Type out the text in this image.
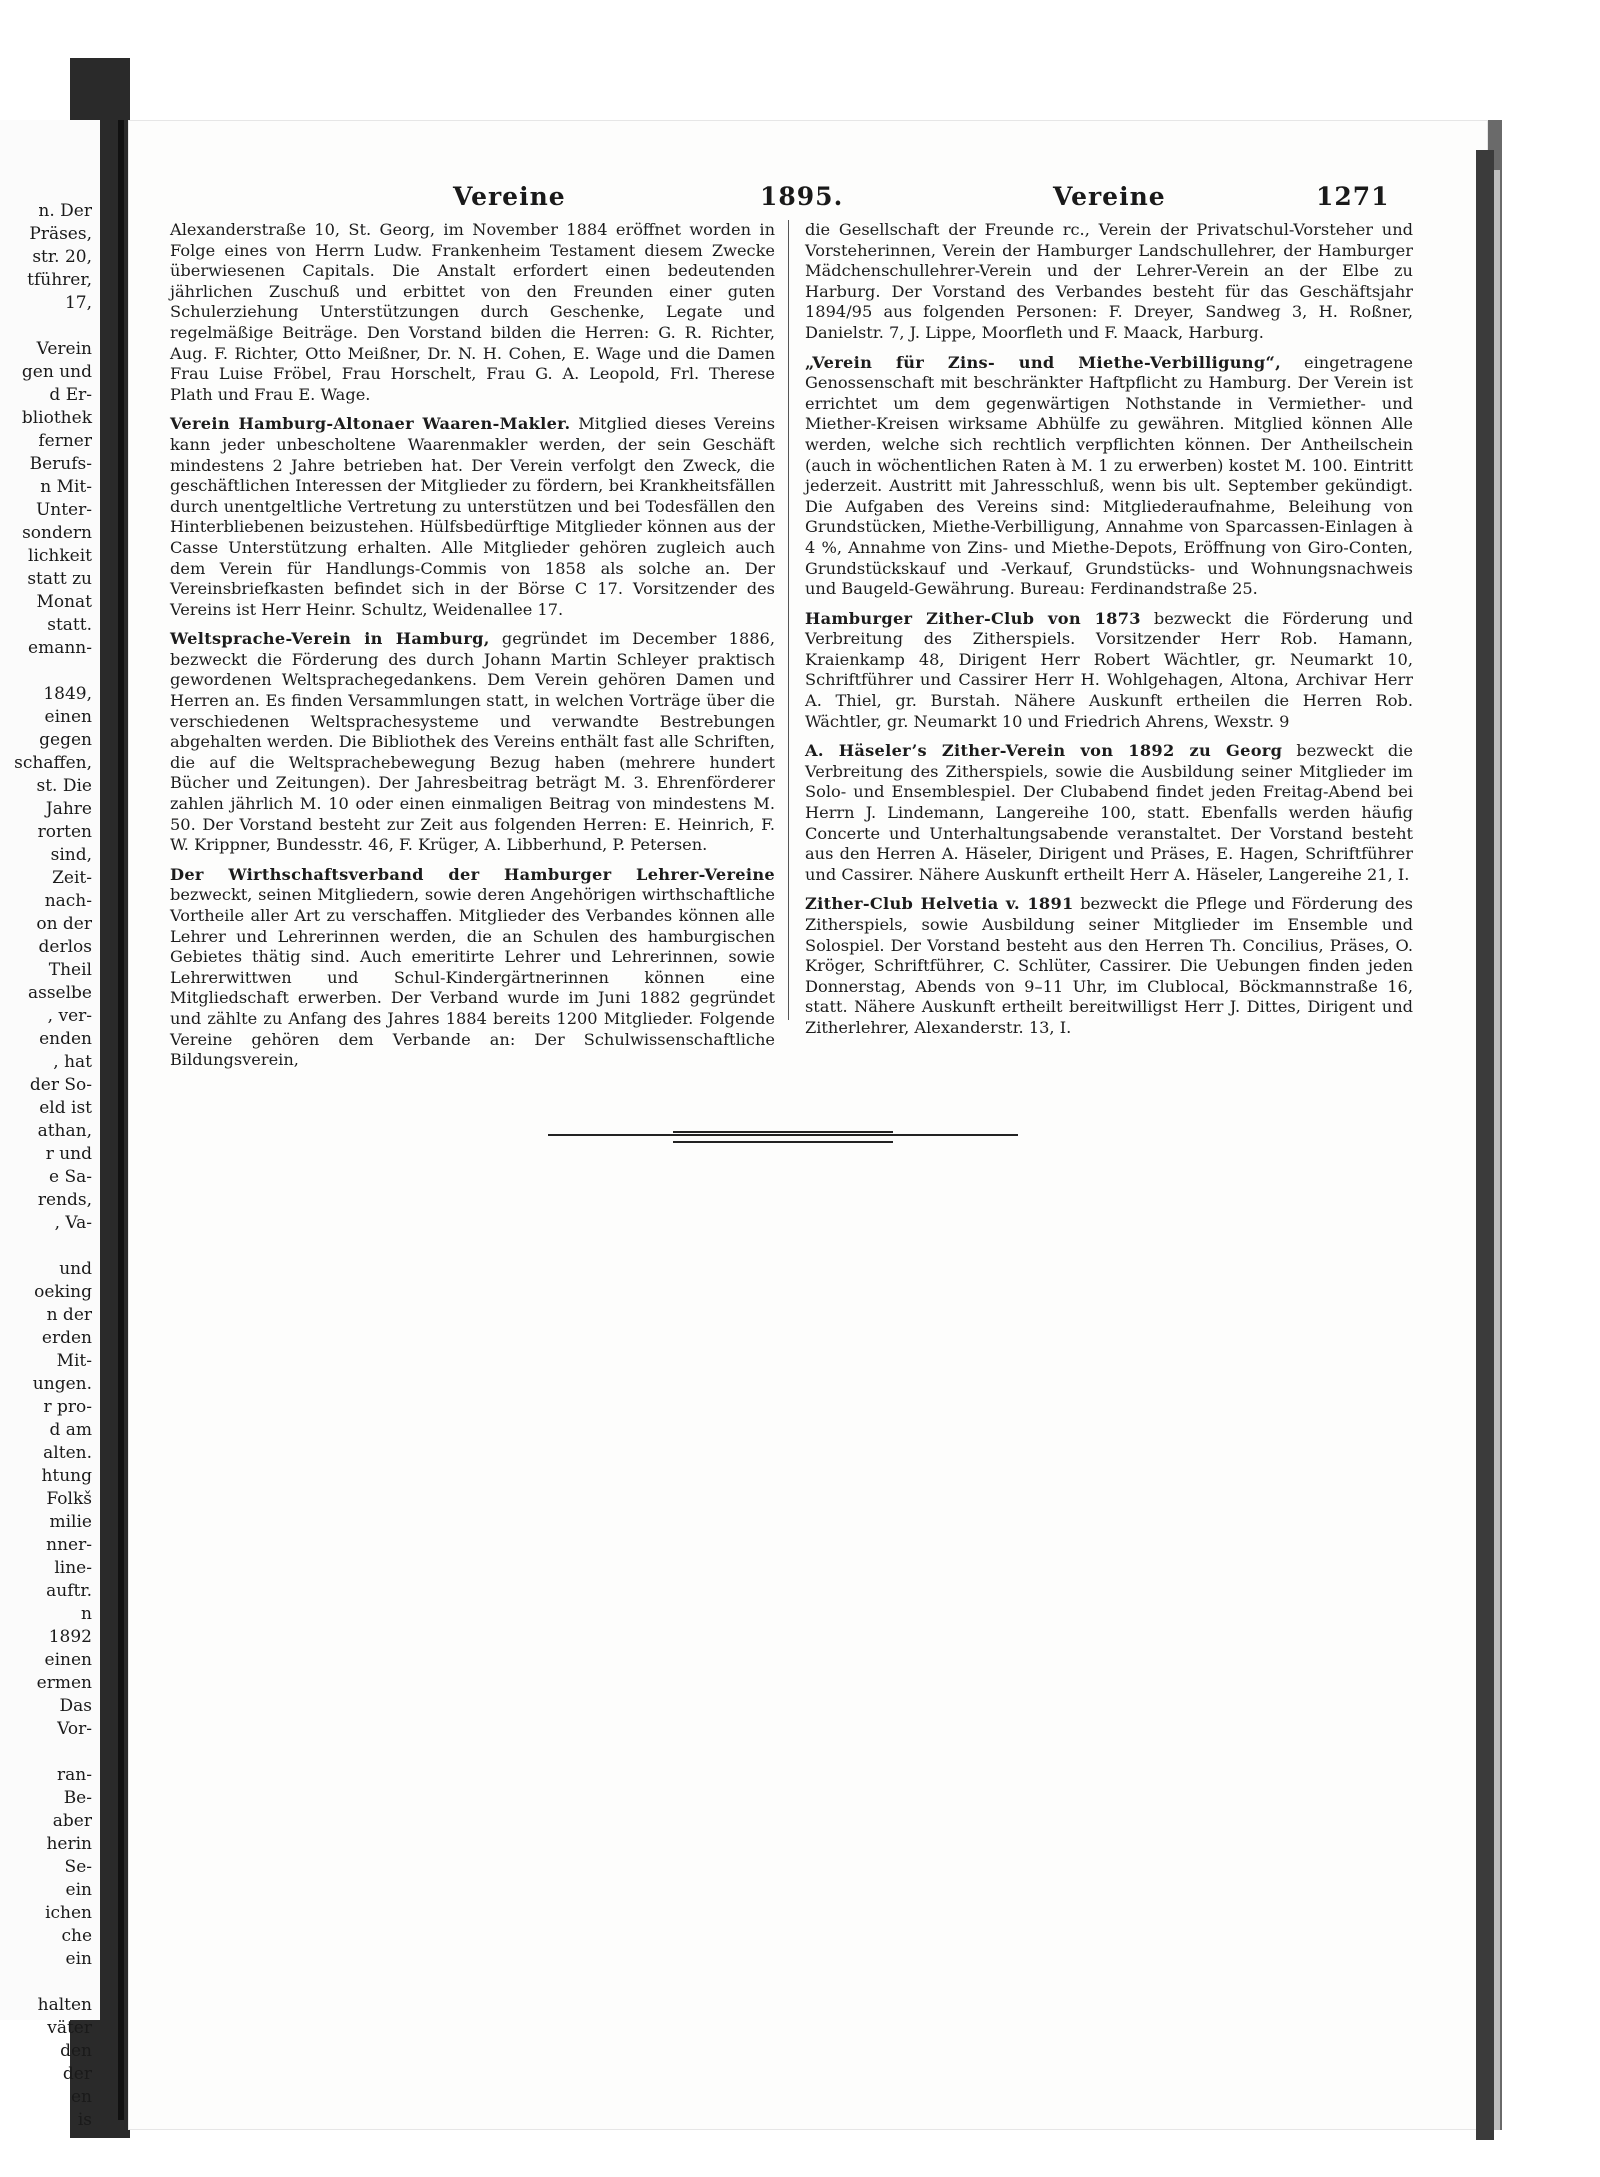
n. Der
Präses,
str. 20,
tführer,
17,

Verein
gen und
d Er-
bliothek
ferner
Berufs-
n Mit-
Unter-
sondern
lichkeit
statt zu
Monat
statt.
emann-

1849,
einen
gegen
schaffen,
st. Die
Jahre
rorten
sind,
Zeit-
nach-
on der
derlos
Theil
asselbe
, ver-
enden
, hat
der So-
eld ist
athan,
r und
e Sa-
rends,
, Va-

und
oeking
n der
erden
Mit-
ungen.
r pro-
d am
alten.
htung
Folkš
milie
nner-
line-
auftr.
n
1892
einen
ermen
Das
Vor-

ran-
Be-
aber
herin
Se-
ein
ichen
che
ein

halten
väter
den
der
en
is
Vereine	1895.	Vereine	1271

Alexanderstraße 10, St. Georg, im November 1884 eröffnet worden in Folge eines von Herrn Ludw. Frankenheim Testament diesem Zwecke überwiesenen Capitals. Die Anstalt erfordert einen bedeutenden jährlichen Zuschuß und erbittet von den Freunden einer guten Schulerziehung Unterstützungen durch Geschenke, Legate und regelmäßige Beiträge. Den Vorstand bilden die Herren: G. R. Richter, Aug. F. Richter, Otto Meißner, Dr. N. H. Cohen, E. Wage und die Damen Frau Luise Fröbel, Frau Horschelt, Frau G. A. Leopold, Frl. Therese Plath und Frau E. Wage.

Verein Hamburg-Altonaer Waaren-Makler. Mitglied dieses Vereins kann jeder unbescholtene Waarenmakler werden, der sein Geschäft mindestens 2 Jahre betrieben hat. Der Verein verfolgt den Zweck, die geschäftlichen Interessen der Mitglieder zu fördern, bei Krankheitsfällen durch unentgeltliche Vertretung zu unterstützen und bei Todesfällen den Hinterbliebenen beizustehen. Hülfsbedürftige Mitglieder können aus der Casse Unterstützung erhalten. Alle Mitglieder gehören zugleich auch dem Verein für Handlungs-Commis von 1858 als solche an. Der Vereinsbriefkasten befindet sich in der Börse C 17. Vorsitzender des Vereins ist Herr Heinr. Schultz, Weidenallee 17.

Weltsprache-Verein in Hamburg, gegründet im December 1886, bezweckt die Förderung des durch Johann Martin Schleyer praktisch gewordenen Weltsprachegedankens. Dem Verein gehören Damen und Herren an. Es finden Versammlungen statt, in welchen Vorträge über die verschiedenen Weltsprachesysteme und verwandte Bestrebungen abgehalten werden. Die Bibliothek des Vereins enthält fast alle Schriften, die auf die Weltsprachebewegung Bezug haben (mehrere hundert Bücher und Zeitungen). Der Jahresbeitrag beträgt M. 3. Ehrenförderer zahlen jährlich M. 10 oder einen einmaligen Beitrag von mindestens M. 50. Der Vorstand besteht zur Zeit aus folgenden Herren: E. Heinrich, F. W. Krippner, Bundesstr. 46, F. Krüger, A. Libberhund, P. Petersen.

Der Wirthschaftsverband der Hamburger Lehrer-Vereine bezweckt, seinen Mitgliedern, sowie deren Angehörigen wirthschaftliche Vortheile aller Art zu verschaffen. Mitglieder des Verbandes können alle Lehrer und Lehrerinnen werden, die an Schulen des hamburgischen Gebietes thätig sind. Auch emeritirte Lehrer und Lehrerinnen, sowie Lehrerwittwen und Schul-Kindergärtnerinnen können eine Mitgliedschaft erwerben. Der Verband wurde im Juni 1882 gegründet und zählte zu Anfang des Jahres 1884 bereits 1200 Mitglieder. Folgende Vereine gehören dem Verbande an: Der Schulwissenschaftliche Bildungsverein,

die Gesellschaft der Freunde rc., Verein der Privatschul-Vorsteher und Vorsteherinnen, Verein der Hamburger Landschullehrer, der Hamburger Mädchenschullehrer-Verein und der Lehrer-Verein an der Elbe zu Harburg. Der Vorstand des Verbandes besteht für das Geschäftsjahr 1894/95 aus folgenden Personen: F. Dreyer, Sandweg 3, H. Roßner, Danielstr. 7, J. Lippe, Moorfleth und F. Maack, Harburg.

„Verein für Zins- und Miethe-Verbilligung“, eingetragene Genossenschaft mit beschränkter Haftpflicht zu Hamburg. Der Verein ist errichtet um dem gegenwärtigen Nothstande in Vermiether- und Miether-Kreisen wirksame Abhülfe zu gewähren. Mitglied können Alle werden, welche sich rechtlich verpflichten können. Der Antheilschein (auch in wöchentlichen Raten à M. 1 zu erwerben) kostet M. 100. Eintritt jederzeit. Austritt mit Jahresschluß, wenn bis ult. September gekündigt. Die Aufgaben des Vereins sind: Mitgliederaufnahme, Beleihung von Grundstücken, Miethe-Verbilligung, Annahme von Sparcassen-Einlagen à 4 %, Annahme von Zins- und Miethe-Depots, Eröffnung von Giro-Conten, Grundstückskauf und -Verkauf, Grundstücks- und Wohnungsnachweis und Baugeld-Gewährung. Bureau: Ferdinandstraße 25.

Hamburger Zither-Club von 1873 bezweckt die Förderung und Verbreitung des Zitherspiels. Vorsitzender Herr Rob. Hamann, Kraienkamp 48, Dirigent Herr Robert Wächtler, gr. Neumarkt 10, Schriftführer und Cassirer Herr H. Wohlgehagen, Altona, Archivar Herr A. Thiel, gr. Burstah. Nähere Auskunft ertheilen die Herren Rob. Wächtler, gr. Neumarkt 10 und Friedrich Ahrens, Wexstr. 9

A. Häseler’s Zither-Verein von 1892 zu Georg bezweckt die Verbreitung des Zitherspiels, sowie die Ausbildung seiner Mitglieder im Solo- und Ensemblespiel. Der Clubabend findet jeden Freitag-Abend bei Herrn J. Lindemann, Langereihe 100, statt. Ebenfalls werden häufig Concerte und Unterhaltungsabende veranstaltet. Der Vorstand besteht aus den Herren A. Häseler, Dirigent und Präses, E. Hagen, Schriftführer und Cassirer. Nähere Auskunft ertheilt Herr A. Häseler, Langereihe 21, I.

Zither-Club Helvetia v. 1891 bezweckt die Pflege und Förderung des Zitherspiels, sowie Ausbildung seiner Mitglieder im Ensemble und Solospiel. Der Vorstand besteht aus den Herren Th. Concilius, Präses, O. Kröger, Schriftführer, C. Schlüter, Cassirer. Die Uebungen finden jeden Donnerstag, Abends von 9–11 Uhr, im Clublocal, Böckmannstraße 16, statt. Nähere Auskunft ertheilt bereitwilligst Herr J. Dittes, Dirigent und Zitherlehrer, Alexanderstr. 13, I.
